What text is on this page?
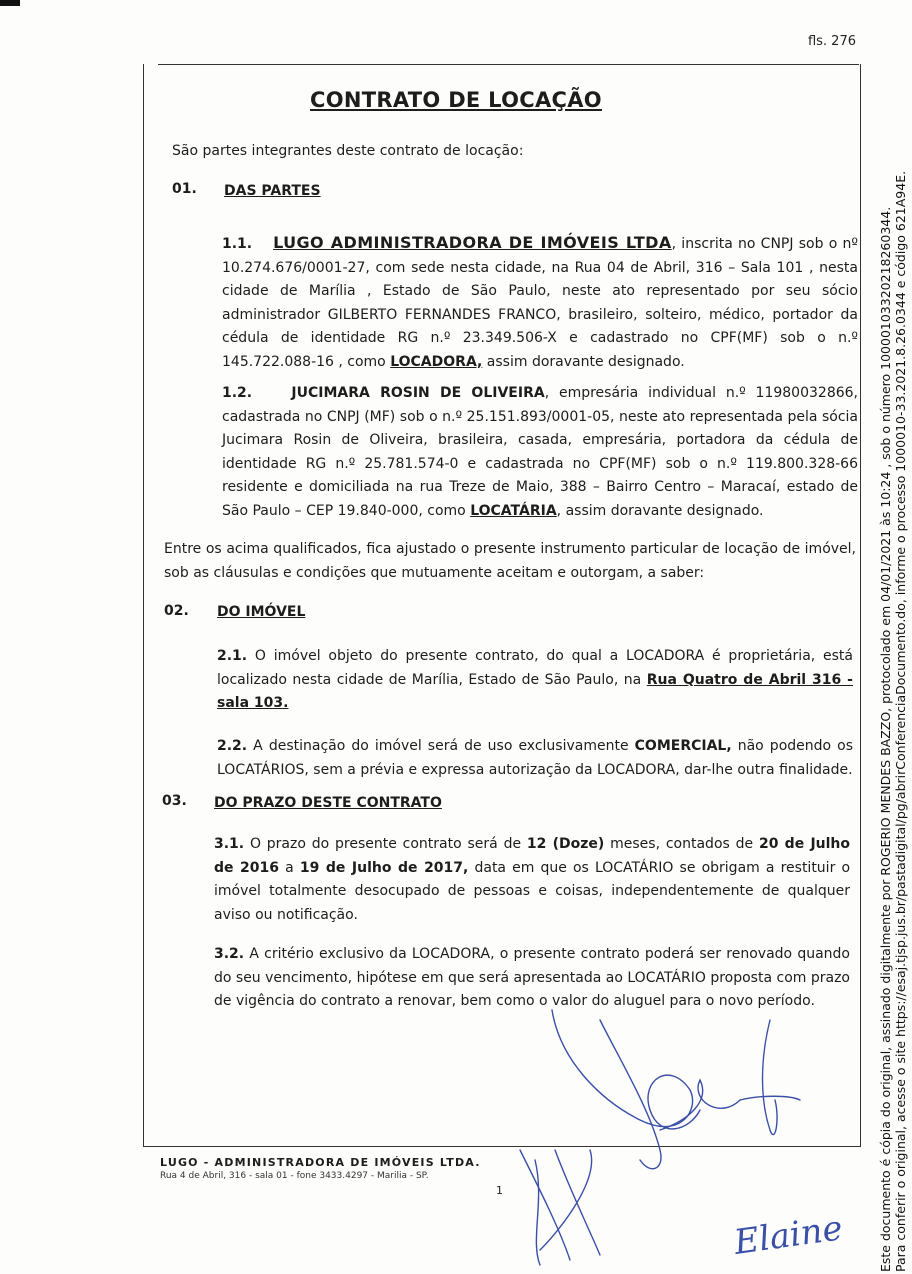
fls. 276
CONTRATO DE LOCAÇÃO
São partes integrantes deste contrato de locação:
01. DAS PARTES
1.1. LUGO ADMINISTRADORA DE IMÓVEIS LTDA, inscrita no CNPJ sob o nº 10.274.676/0001-27, com sede nesta cidade, na Rua 04 de Abril, 316 – Sala 101 , nesta cidade de Marília , Estado de São Paulo, neste ato representado por seu sócio administrador GILBERTO FERNANDES FRANCO, brasileiro, solteiro, médico, portador da cédula de identidade RG n.º 23.349.506-X e cadastrado no CPF(MF) sob o n.º 145.722.088-16 , como LOCADORA, assim doravante designado.
1.2.	JUCIMARA ROSIN DE OLIVEIRA, empresária individual n.º 11980032866, cadastrada no CNPJ (MF) sob o n.º 25.151.893/0001-05, neste ato representada pela sócia Jucimara Rosin de Oliveira, brasileira, casada, empresária, portadora da cédula de identidade RG n.º 25.781.574-0 e cadastrada no CPF(MF) sob o n.º 119.800.328-66 residente e domiciliada na rua Treze de Maio, 388 – Bairro Centro – Maracaí, estado de São Paulo – CEP 19.840-000, como LOCATÁRIA, assim doravante designado.
Entre os acima qualificados, fica ajustado o presente instrumento particular de locação de imóvel, sob as cláusulas e condições que mutuamente aceitam e outorgam, a saber:
02. DO IMÓVEL
2.1. O imóvel objeto do presente contrato, do qual a LOCADORA é proprietária, está localizado nesta cidade de Marília, Estado de São Paulo, na Rua Quatro de Abril 316 - sala 103.
2.2. A destinação do imóvel será de uso exclusivamente COMERCIAL, não podendo os LOCATÁRIOS, sem a prévia e expressa autorização da LOCADORA, dar-lhe outra finalidade.
03. DO PRAZO DESTE CONTRATO
3.1. O prazo do presente contrato será de 12 (Doze) meses, contados de 20 de Julho de 2016 a 19 de Julho de 2017, data em que os LOCATÁRIO se obrigam a restituir o imóvel totalmente desocupado de pessoas e coisas, independentemente de qualquer aviso ou notificação.
3.2. A critério exclusivo da LOCADORA, o presente contrato poderá ser renovado quando do seu vencimento, hipótese em que será apresentada ao LOCATÁRIO proposta com prazo de vigência do contrato a renovar, bem como o valor do aluguel para o novo período.
Elaine
LUGO - ADMINISTRADORA DE IMÓVEIS LTDA.
Rua 4 de Abril, 316 - sala 01 - fone 3433.4297 - Marilia - SP.
1	Este documento é cópia do original, assinado digitalmente por ROGERIO MENDES BAZZO, protocolado em 04/01/2021 às 10:24 , sob o número 10000103320218260344. Para conferir o original, acesse o site https://esaj.tjsp.jus.br/pastadigital/pg/abrirConferenciaDocumento.do, informe o processo 1000010-33.2021.8.26.0344 e código 621A94E.
